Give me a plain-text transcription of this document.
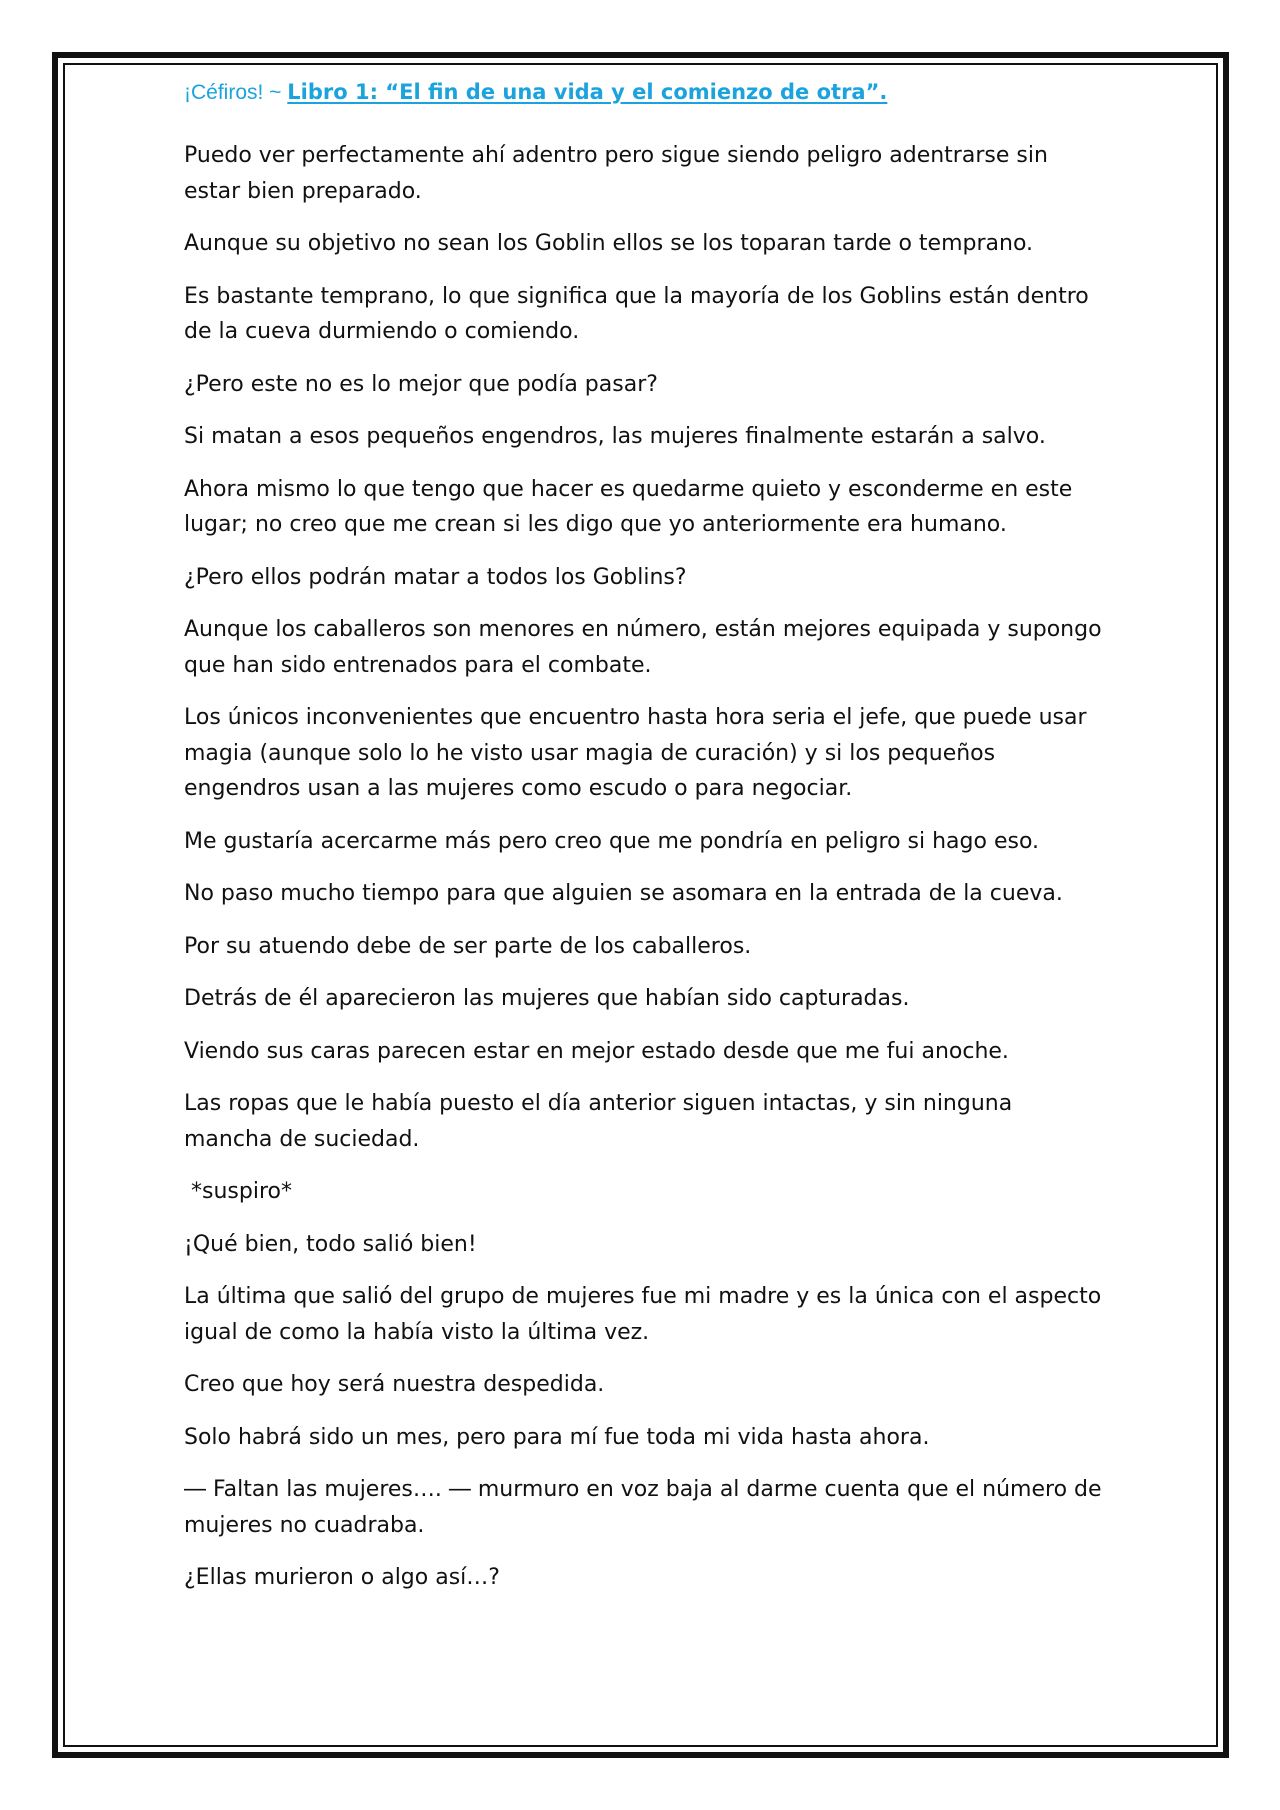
¡Céfiros! ~ Libro 1: “El fin de una vida y el comienzo de otra”.

Puedo ver perfectamente ahí adentro pero sigue siendo peligro adentrarse sin estar bien preparado.

Aunque su objetivo no sean los Goblin ellos se los toparan tarde o temprano.

Es bastante temprano, lo que significa que la mayoría de los Goblins están dentro de la cueva durmiendo o comiendo.

¿Pero este no es lo mejor que podía pasar?

Si matan a esos pequeños engendros, las mujeres finalmente estarán a salvo.

Ahora mismo lo que tengo que hacer es quedarme quieto y esconderme en este lugar; no creo que me crean si les digo que yo anteriormente era humano.

¿Pero ellos podrán matar a todos los Goblins?

Aunque los caballeros son menores en número, están mejores equipada y supongo que han sido entrenados para el combate.

Los únicos inconvenientes que encuentro hasta hora seria el jefe, que puede usar magia (aunque solo lo he visto usar magia de curación) y si los pequeños engendros usan a las mujeres como escudo o para negociar.

Me gustaría acercarme más pero creo que me pondría en peligro si hago eso.

No paso mucho tiempo para que alguien se asomara en la entrada de la cueva.

Por su atuendo debe de ser parte de los caballeros.

Detrás de él aparecieron las mujeres que habían sido capturadas.

Viendo sus caras parecen estar en mejor estado desde que me fui anoche.

Las ropas que le había puesto el día anterior siguen intactas, y sin ninguna mancha de suciedad.

*suspiro*

¡Qué bien, todo salió bien!

La última que salió del grupo de mujeres fue mi madre y es la única con el aspecto igual de como la había visto la última vez.

Creo que hoy será nuestra despedida.

Solo habrá sido un mes, pero para mí fue toda mi vida hasta ahora.

― Faltan las mujeres…. ― murmuro en voz baja al darme cuenta que el número de mujeres no cuadraba.

¿Ellas murieron o algo así…?
